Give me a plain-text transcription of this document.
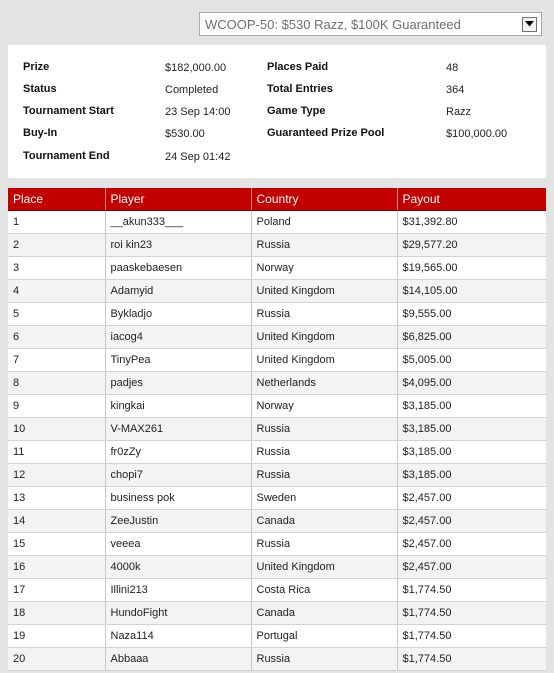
WCOOP-50: $530 Razz, $100K Guaranteed
Prize	$182,000.00
Status	Completed
Tournament Start	23 Sep 14:00
Buy-In	$530.00
Tournament End	24 Sep 01:42
Places Paid	48
Total Entries	364
Game Type	Razz
Guaranteed Prize Pool	$100,000.00
Place	Player	Country	Payout
1	__akun333___	Poland	$31,392.80
2	roi kin23	Russia	$29,577.20
3	paaskebaesen	Norway	$19,565.00
4	Adamyid	United Kingdom	$14,105.00
5	Bykladjo	Russia	$9,555.00
6	iacog4	United Kingdom	$6,825.00
7	TinyPea	United Kingdom	$5,005.00
8	padjes	Netherlands	$4,095.00
9	kingkai	Norway	$3,185.00
10	V-MAX261	Russia	$3,185.00
11	fr0zZy	Russia	$3,185.00
12	chopi7	Russia	$3,185.00
13	business pok	Sweden	$2,457.00
14	ZeeJustin	Canada	$2,457.00
15	veeea	Russia	$2,457.00
16	4000k	United Kingdom	$2,457.00
17	Illini213	Costa Rica	$1,774.50
18	HundoFight	Canada	$1,774.50
19	Naza114	Portugal	$1,774.50
20	Abbaaa	Russia	$1,774.50
